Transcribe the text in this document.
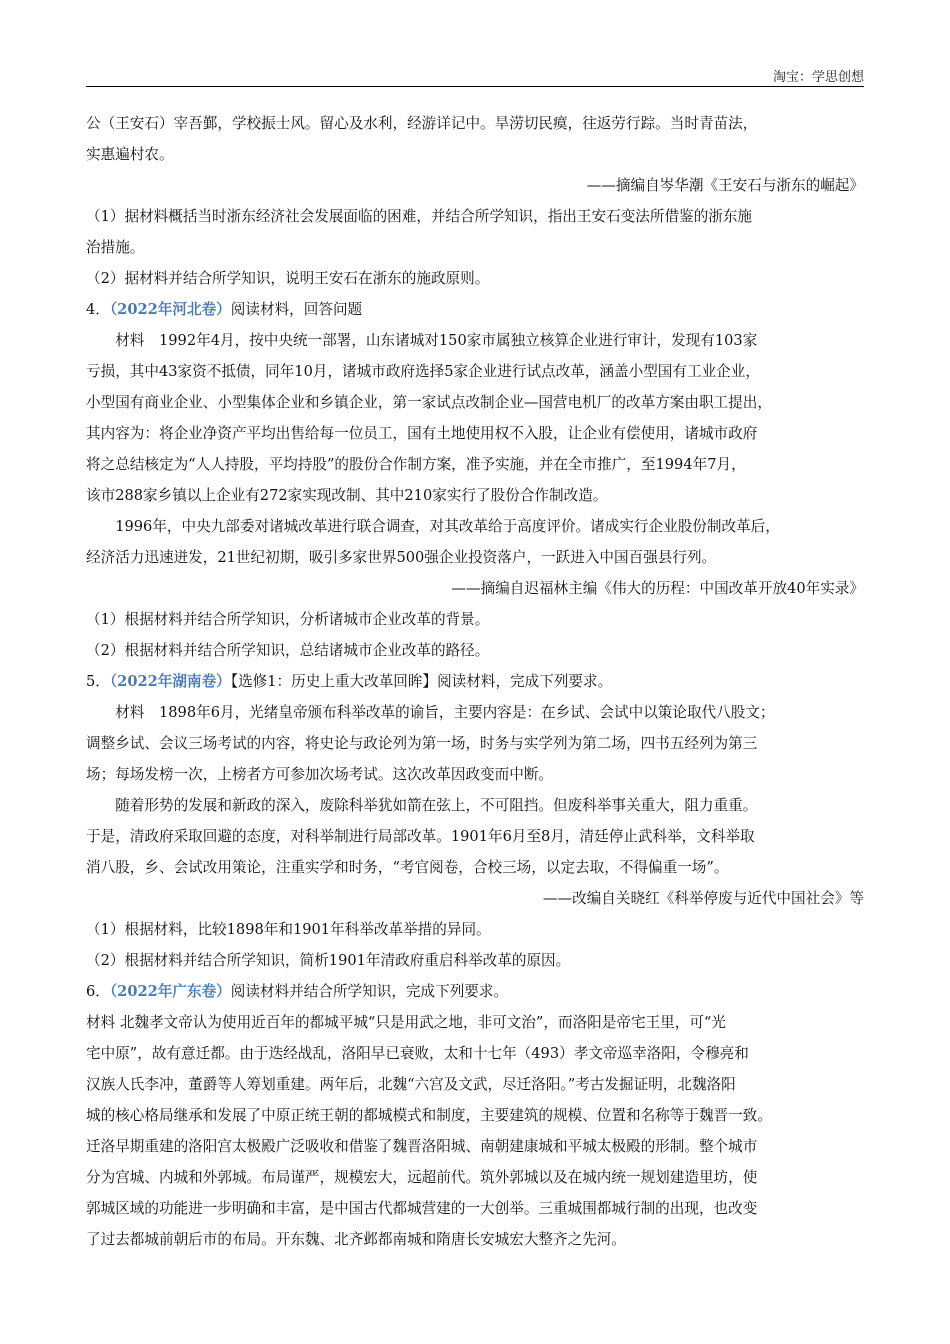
淘宝：学思创想

公（王安石）宰吾鄞，学校振士风。留心及水利，经游详记中。旱涝切民瘼，往返劳行踪。当时青苗法，
实惠遍村农。

——摘编自岑华潮《王安石与浙东的崛起》

（1）据材料概括当时浙东经济社会发展面临的困难，并结合所学知识，指出王安石变法所借鉴的浙东施
治措施。

（2）据材料并结合所学知识，说明王安石在浙东的施政原则。

4．（2022年河北卷）阅读材料，回答问题

材料　1992年4月，按中央统一部署，山东诸城对150家市属独立核算企业进行审计，发现有103家
亏损，其中43家资不抵债，同年10月，诸城市政府选择5家企业进行试点改革，涵盖小型国有工业企业，
小型国有商业企业、小型集体企业和乡镇企业，第一家试点改制企业—国营电机厂的改革方案由职工提出，
其内容为：将企业净资产平均出售给每一位员工，国有土地使用权不入股，让企业有偿使用，诸城市政府
将之总结核定为“人人持股，平均持股”的股份合作制方案，准予实施，并在全市推广，至1994年7月，
该市288家乡镇以上企业有272家实现改制、其中210家实行了股份合作制改造。

1996年，中央九部委对诸城改革进行联合调查，对其改革给于高度评价。诸成实行企业股份制改革后，
经济活力迅速迸发，21世纪初期，吸引多家世界500强企业投资落户，一跃进入中国百强县行列。

——摘编自迟福林主编《伟大的历程：中国改革开放40年实录》

（1）根据材料并结合所学知识，分析诸城市企业改革的背景。

（2）根据材料并结合所学知识，总结诸城市企业改革的路径。

5．（2022年湖南卷）【选修1：历史上重大改革回眸】阅读材料，完成下列要求。

材料　1898年6月，光绪皇帝颁布科举改革的谕旨，主要内容是：在乡试、会试中以策论取代八股文；
调整乡试、会议三场考试的内容，将史论与政论列为第一场，时务与实学列为第二场，四书五经列为第三
场；每场发榜一次，上榜者方可参加次场考试。这次改革因政变而中断。

随着形势的发展和新政的深入，废除科举犹如箭在弦上，不可阻挡。但废科举事关重大，阻力重重。
于是，清政府采取回避的态度，对科举制进行局部改革。1901年6月至8月，清廷停止武科举，文科举取
消八股，乡、会试改用策论，注重实学和时务，“考官阅卷，合校三场，以定去取，不得偏重一场”。

——改编自关晓红《科举停废与近代中国社会》等

（1）根据材料，比较1898年和1901年科举改革举措的异同。

（2）根据材料并结合所学知识，简析1901年清政府重启科举改革的原因。

6．（2022年广东卷）阅读材料并结合所学知识，完成下列要求。

材料 北魏孝文帝认为使用近百年的都城平城“只是用武之地，非可文治”，而洛阳是帝宅王里，可“光
宅中原”，故有意迁都。由于迭经战乱，洛阳早已衰败，太和十七年（493）孝文帝巡幸洛阳，令穆亮和
汉族人氏李冲，董爵等人筹划重建。两年后，北魏“六宫及文武，尽迁洛阳。”考古发掘证明，北魏洛阳
城的核心格局继承和发展了中原正统王朝的都城模式和制度，主要建筑的规模、位置和名称等于魏晋一致。
迁洛早期重建的洛阳宫太极殿广泛吸收和借鉴了魏晋洛阳城、南朝建康城和平城太极殿的形制。整个城市
分为宫城、内城和外郭城。布局谨严，规模宏大，远超前代。筑外郭城以及在城内统一规划建造里坊，使
郭城区域的功能进一步明确和丰富，是中国古代都城营建的一大创举。三重城围都城行制的出现，也改变
了过去都城前朝后市的布局。开东魏、北齐邺都南城和隋唐长安城宏大整齐之先河。
